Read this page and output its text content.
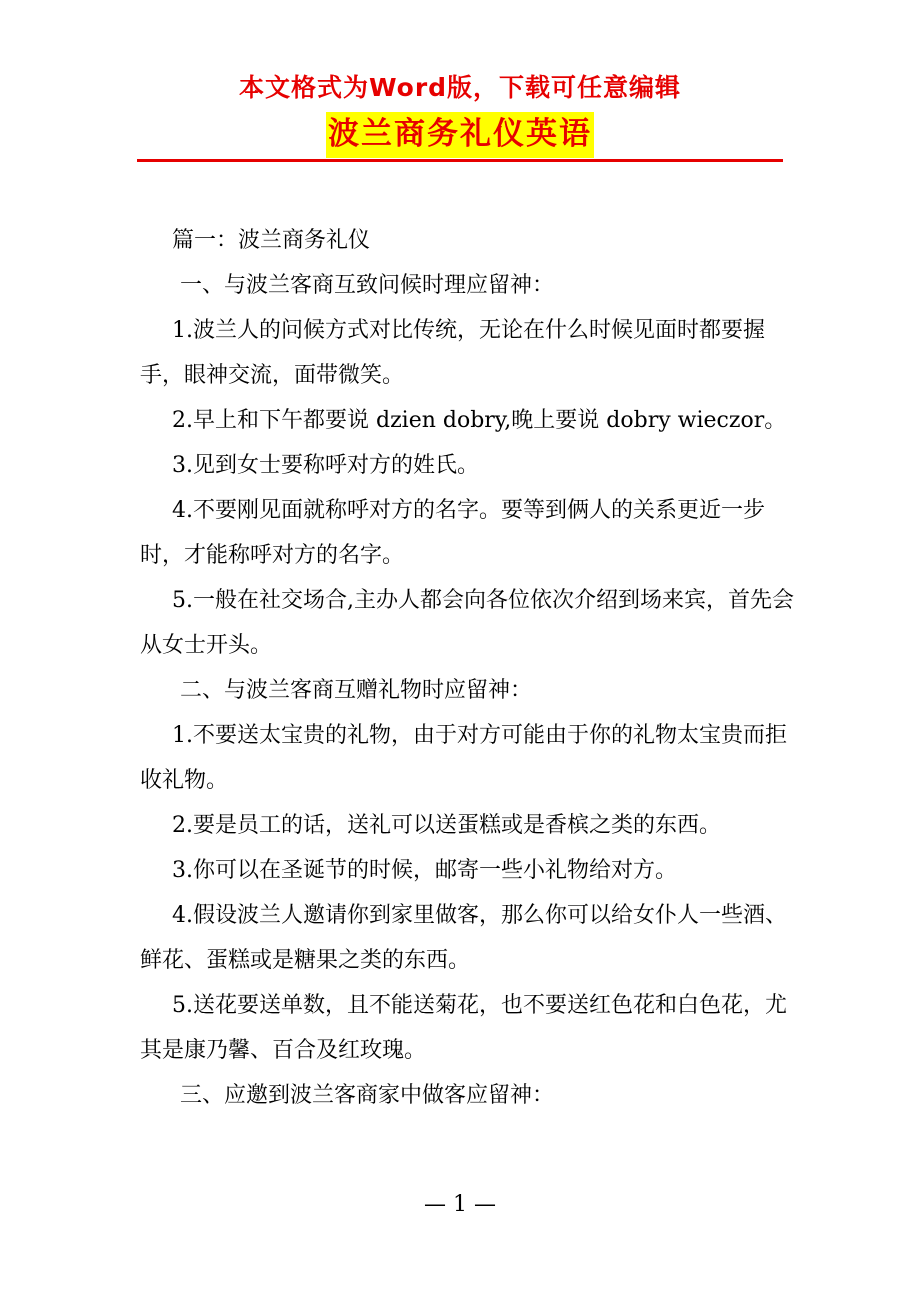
本文格式为Word版，下载可任意编辑
波兰商务礼仪英语

篇一：波兰商务礼仪

一、与波兰客商互致问候时理应留神：

1.波兰人的问候方式对比传统，无论在什么时候见面时都要握手，眼神交流，面带微笑。

2.早上和下午都要说 dzien dobry,晚上要说 dobry wieczor。

3.见到女士要称呼对方的姓氏。

4.不要刚见面就称呼对方的名字。要等到俩人的关系更近一步时，才能称呼对方的名字。

5.一般在社交场合,主办人都会向各位依次介绍到场来宾，首先会从女士开头。

二、与波兰客商互赠礼物时应留神：

1.不要送太宝贵的礼物，由于对方可能由于你的礼物太宝贵而拒收礼物。

2.要是员工的话，送礼可以送蛋糕或是香槟之类的东西。

3.你可以在圣诞节的时候，邮寄一些小礼物给对方。

4.假设波兰人邀请你到家里做客，那么你可以给女仆人一些酒、鲜花、蛋糕或是糖果之类的东西。

5.送花要送单数，且不能送菊花，也不要送红色花和白色花，尤其是康乃馨、百合及红玫瑰。

三、应邀到波兰客商家中做客应留神：

— 1 —
